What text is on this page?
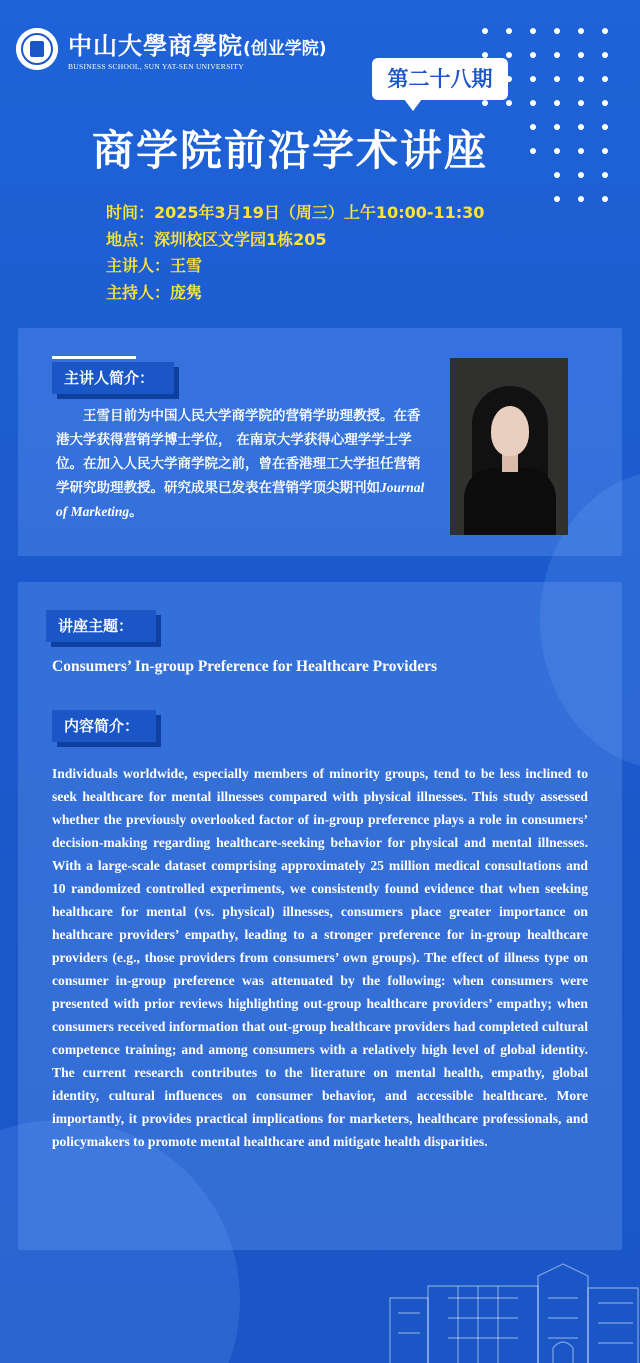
中山大學商學院(创业学院)
BUSINESS SCHOOL, SUN YAT-SEN UNIVERSITY
第二十八期
商学院前沿学术讲座
时间：2025年3月19日（周三）上午10:00-11:30
地点：深圳校区文学园1栋205
主讲人：王雪
主持人：庞隽
主讲人简介：
王雪目前为中国人民大学商学院的营销学助理教授。在香港大学获得营销学博士学位， 在南京大学获得心理学学士学位。在加入人民大学商学院之前，曾在香港理工大学担任营销学研究助理教授。研究成果已发表在营销学顶尖期刊如Journal of Marketing。
讲座主题：
Consumers’ In-group Preference for Healthcare Providers
内容简介：
Individuals worldwide, especially members of minority groups, tend to be less inclined to seek healthcare for mental illnesses compared with physical illnesses. This study assessed whether the previously overlooked factor of in-group preference plays a role in consumers’ decision-making regarding healthcare-seeking behavior for physical and mental illnesses. With a large-scale dataset comprising approximately 25 million medical consultations and 10 randomized controlled experiments, we consistently found evidence that when seeking healthcare for mental (vs. physical) illnesses, consumers place greater importance on healthcare providers’ empathy, leading to a stronger preference for in-group healthcare providers (e.g., those providers from consumers’ own groups). The effect of illness type on consumer in-group preference was attenuated by the following: when consumers were presented with prior reviews highlighting out-group healthcare providers’ empathy; when consumers received information that out-group healthcare providers had completed cultural competence training; and among consumers with a relatively high level of global identity. The current research contributes to the literature on mental health, empathy, global identity, cultural influences on consumer behavior, and accessible healthcare. More importantly, it provides practical implications for marketers, healthcare professionals, and policymakers to promote mental healthcare and mitigate health disparities.
